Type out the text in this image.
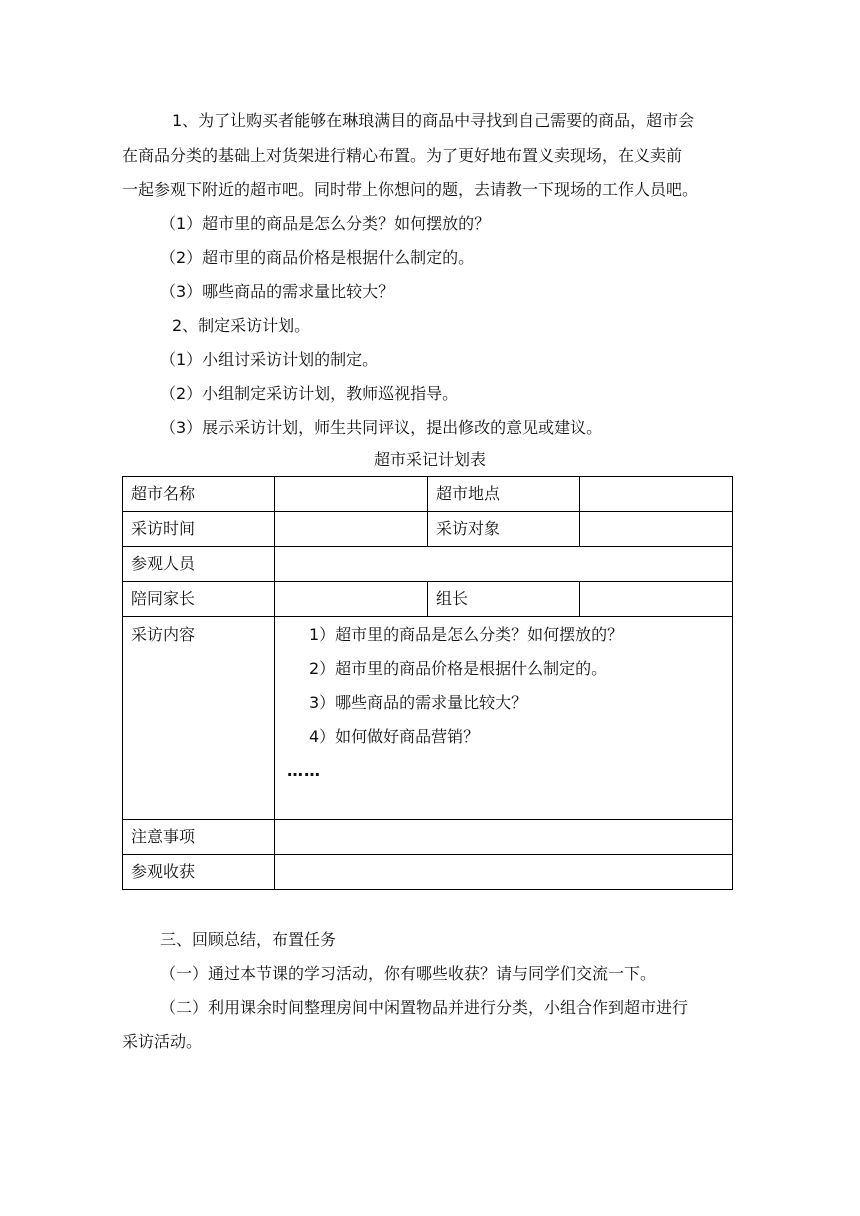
1、为了让购买者能够在琳琅满目的商品中寻找到自己需要的商品，超市会
在商品分类的基础上对货架进行精心布置。为了更好地布置义卖现场，在义卖前
一起参观下附近的超市吧。同时带上你想问的题，去请教一下现场的工作人员吧。
（1）超市里的商品是怎么分类？如何摆放的？
（2）超市里的商品价格是根据什么制定的。
（3）哪些商品的需求量比较大？
2、制定采访计划。
（1）小组讨采访计划的制定。
（2）小组制定采访计划，教师巡视指导。
（3）展示采访计划，师生共同评议，提出修改的意见或建议。
超市采记计划表
超市名称		超市地点	
采访时间		采访对象	
参观人员			
陪同家长		组长	
采访内容	1）超市里的商品是怎么分类？如何摆放的？
2）超市里的商品价格是根据什么制定的。
3）哪些商品的需求量比较大？
4）如何做好商品营销？
……		

注意事项			
参观收获			
三、回顾总结，布置任务
（一）通过本节课的学习活动，你有哪些收获？请与同学们交流一下。
（二）利用课余时间整理房间中闲置物品并进行分类，小组合作到超市进行
采访活动。
